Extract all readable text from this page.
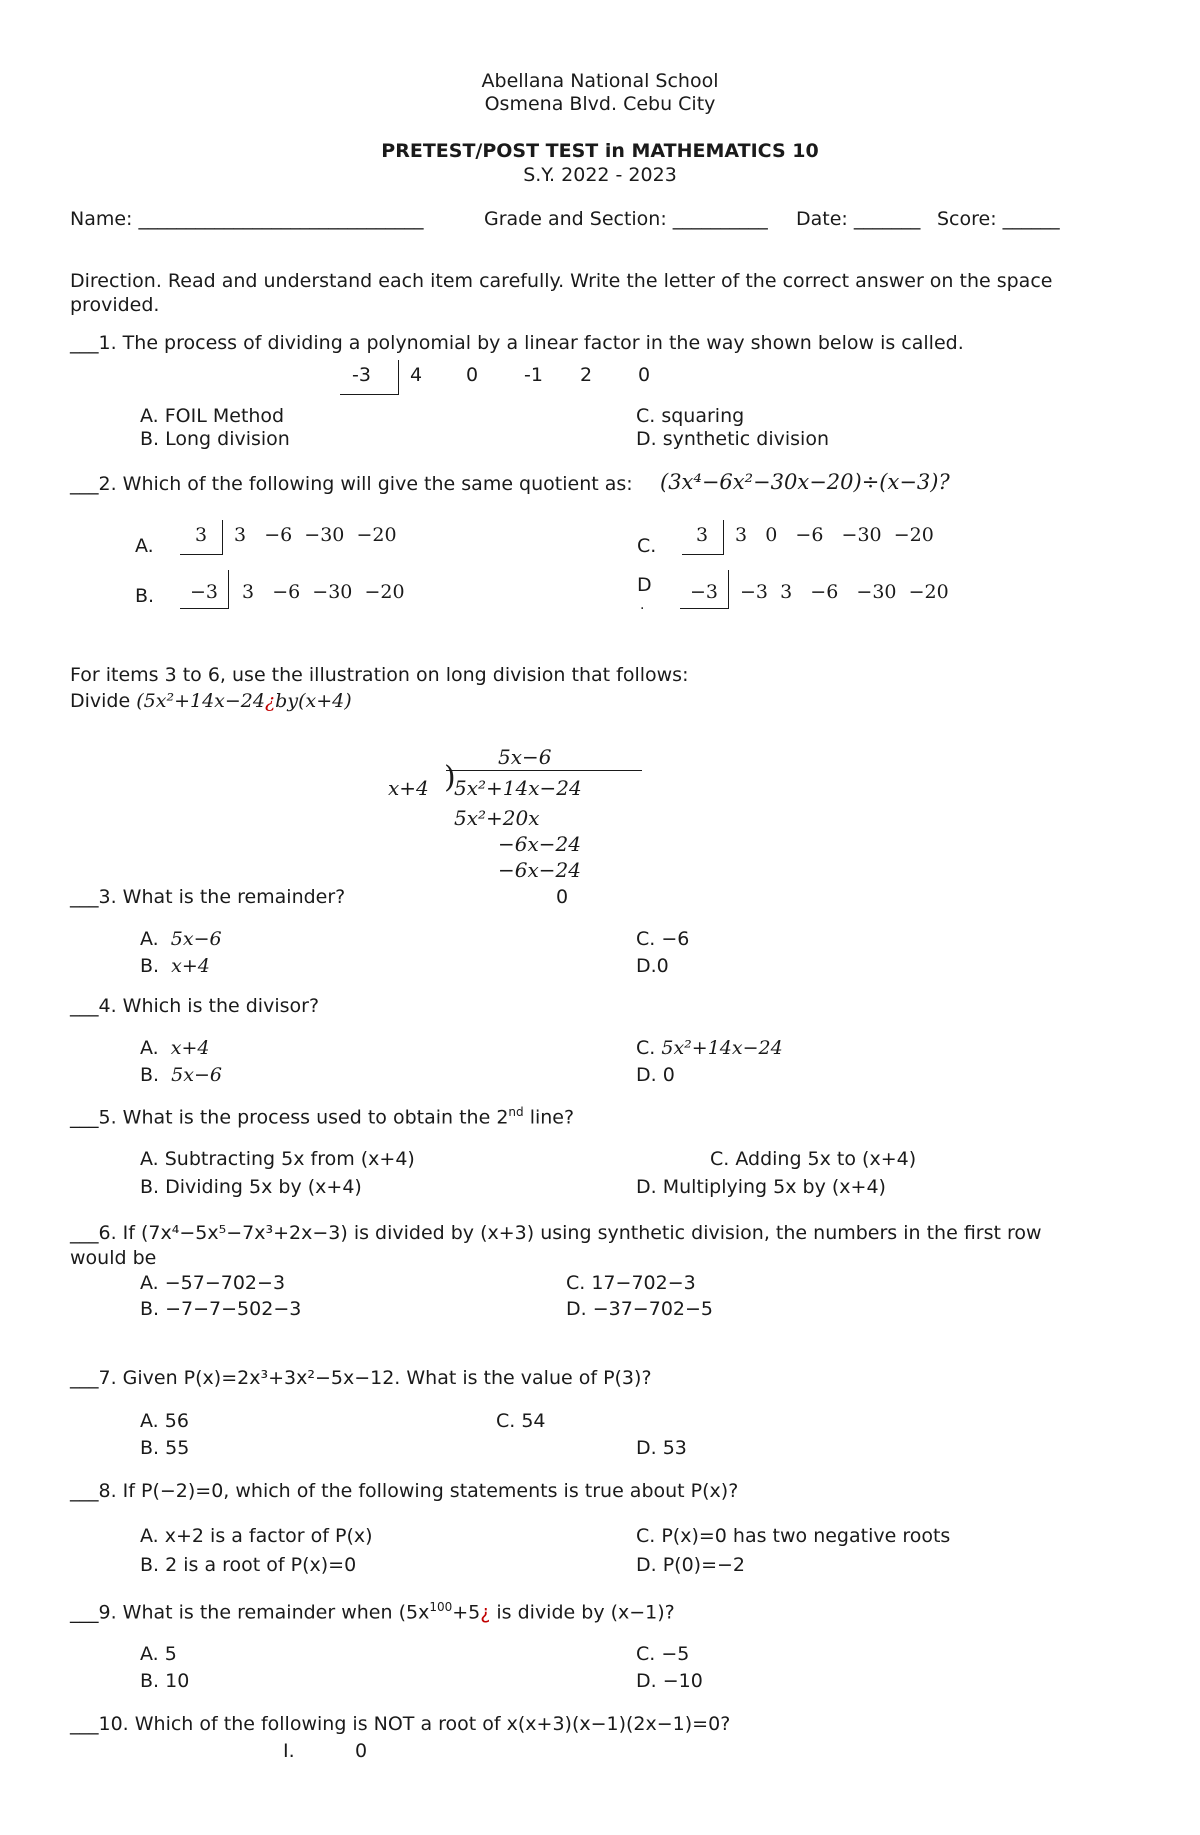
Abellana National School
Osmena Blvd. Cebu City
PRETEST/POST TEST in MATHEMATICS 10
S.Y. 2022 - 2023
Name: ______________________________	Grade and Section: __________ Date: _______ Score: ______
Direction. Read and understand each item carefully. Write the letter of the correct answer on the space
provided.
___1. The process of dividing a polynomial by a linear factor in the way shown below is called.
-3 4 0 -1 2 0
A. FOIL Method
B. Long division
C. squaring
D. synthetic division
___2. Which of the following will give the same quotient as: (3x⁴−6x²−30x−20)÷(x−3)?
A. 3 3   −6  −30  −20
B. −3 3   −6  −30  −20
C. 3 3   0   −6   −30  −20
D
.
−3 −3  3   −6   −30  −20
For items 3 to 6, use the illustration on long division that follows:
Divide (5x²+14x−24¿by(x+4)
5x−6
x+4 )
5x²+14x−24
5x²+20x
−6x−24
−6x−24
0
___3. What is the remainder?
A. 5x−6
B. x+4
C. −6
D.0
___4. Which is the divisor?
A. x+4
B. 5x−6
C. 5x²+14x−24
D. 0
___5. What is the process used to obtain the 2nd line?
A. Subtracting 5x from (x+4)
B. Dividing 5x by (x+4)
C. Adding 5x to (x+4)
D. Multiplying 5x by (x+4)
___6. If (7x⁴−5x⁵−7x³+2x−3) is divided by (x+3) using synthetic division, the numbers in the first row
would be
A. −57−702−3
B. −7−7−502−3
C. 17−702−3
D. −37−702−5
___7. Given P(x)=2x³+3x²−5x−12. What is the value of P(3)?
A. 56
B. 55
C. 54
D. 53
___8. If P(−2)=0, which of the following statements is true about P(x)?
A. x+2 is a factor of P(x)
B. 2 is a root of P(x)=0
C. P(x)=0 has two negative roots
D. P(0)=−2
___9. What is the remainder when ($5x^{100}+5¿$ is divide by (x−1)?
A. 5
B. 10
C. −5
D. −10
___10. Which of the following is NOT a root of x(x+3)(x−1)(2x−1)=0?
I.	0
